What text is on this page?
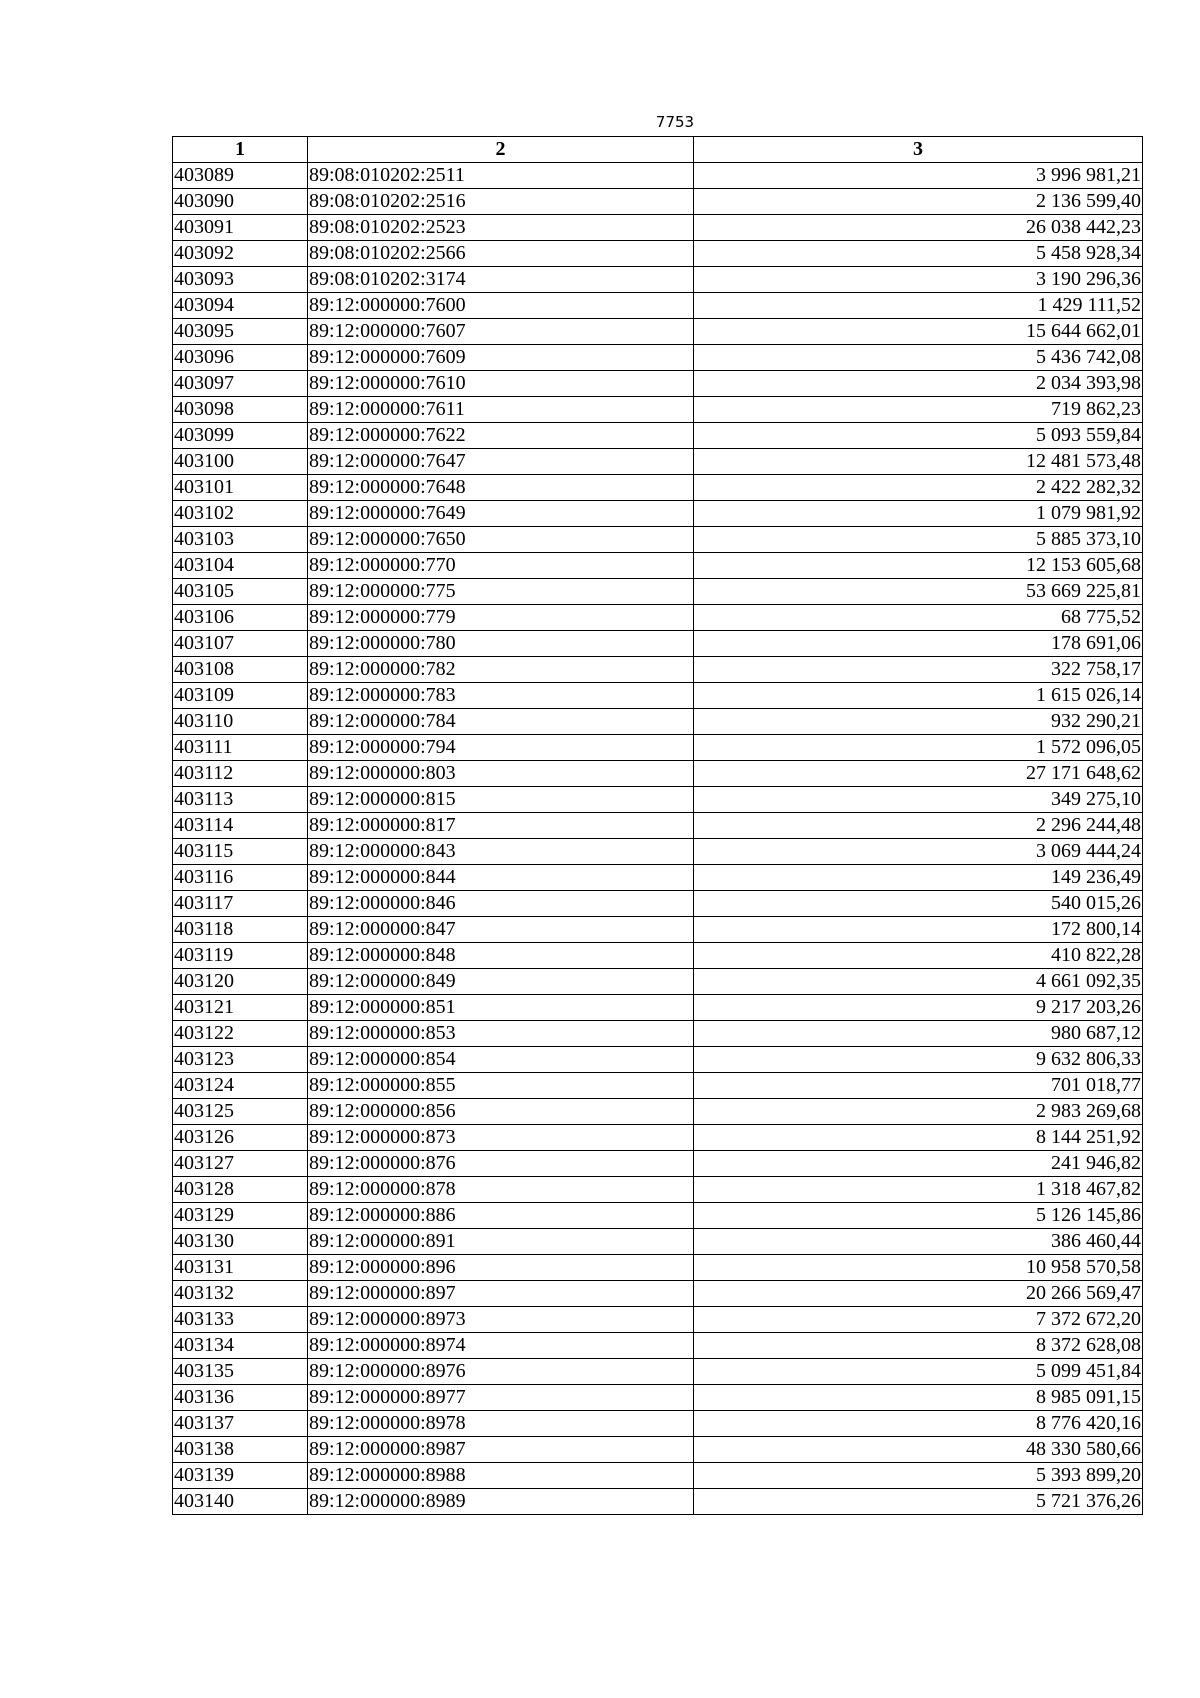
7753
1	2	3
403089	89:08:010202:2511	3 996 981,21
403090	89:08:010202:2516	2 136 599,40
403091	89:08:010202:2523	26 038 442,23
403092	89:08:010202:2566	5 458 928,34
403093	89:08:010202:3174	3 190 296,36
403094	89:12:000000:7600	1 429 111,52
403095	89:12:000000:7607	15 644 662,01
403096	89:12:000000:7609	5 436 742,08
403097	89:12:000000:7610	2 034 393,98
403098	89:12:000000:7611	719 862,23
403099	89:12:000000:7622	5 093 559,84
403100	89:12:000000:7647	12 481 573,48
403101	89:12:000000:7648	2 422 282,32
403102	89:12:000000:7649	1 079 981,92
403103	89:12:000000:7650	5 885 373,10
403104	89:12:000000:770	12 153 605,68
403105	89:12:000000:775	53 669 225,81
403106	89:12:000000:779	68 775,52
403107	89:12:000000:780	178 691,06
403108	89:12:000000:782	322 758,17
403109	89:12:000000:783	1 615 026,14
403110	89:12:000000:784	932 290,21
403111	89:12:000000:794	1 572 096,05
403112	89:12:000000:803	27 171 648,62
403113	89:12:000000:815	349 275,10
403114	89:12:000000:817	2 296 244,48
403115	89:12:000000:843	3 069 444,24
403116	89:12:000000:844	149 236,49
403117	89:12:000000:846	540 015,26
403118	89:12:000000:847	172 800,14
403119	89:12:000000:848	410 822,28
403120	89:12:000000:849	4 661 092,35
403121	89:12:000000:851	9 217 203,26
403122	89:12:000000:853	980 687,12
403123	89:12:000000:854	9 632 806,33
403124	89:12:000000:855	701 018,77
403125	89:12:000000:856	2 983 269,68
403126	89:12:000000:873	8 144 251,92
403127	89:12:000000:876	241 946,82
403128	89:12:000000:878	1 318 467,82
403129	89:12:000000:886	5 126 145,86
403130	89:12:000000:891	386 460,44
403131	89:12:000000:896	10 958 570,58
403132	89:12:000000:897	20 266 569,47
403133	89:12:000000:8973	7 372 672,20
403134	89:12:000000:8974	8 372 628,08
403135	89:12:000000:8976	5 099 451,84
403136	89:12:000000:8977	8 985 091,15
403137	89:12:000000:8978	8 776 420,16
403138	89:12:000000:8987	48 330 580,66
403139	89:12:000000:8988	5 393 899,20
403140	89:12:000000:8989	5 721 376,26
